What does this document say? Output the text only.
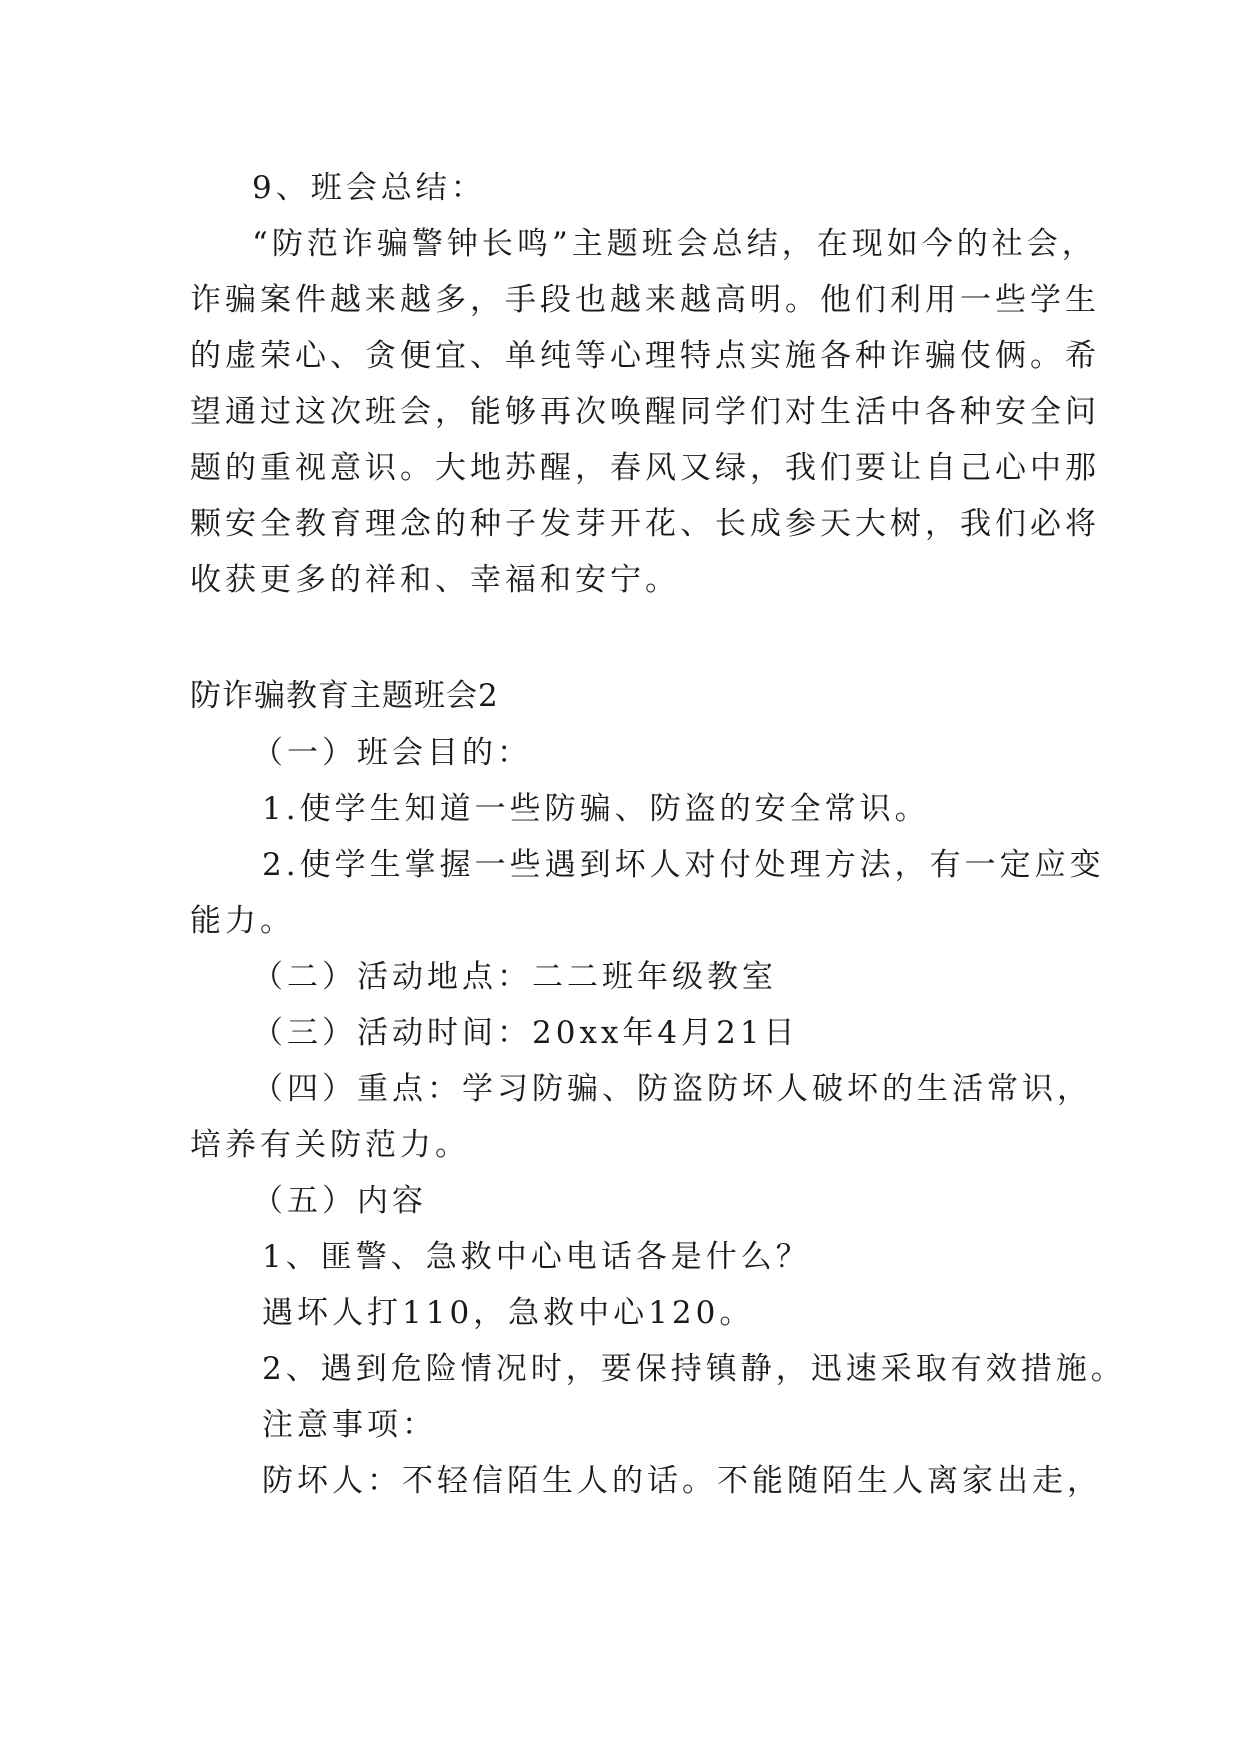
9、班会总结：
“防范诈骗警钟长鸣”主题班会总结，在现如今的社会，
诈骗案件越来越多，手段也越来越高明。他们利用一些学生
的虚荣心、贪便宜、单纯等心理特点实施各种诈骗伎俩。希
望通过这次班会，能够再次唤醒同学们对生活中各种安全问
题的重视意识。大地苏醒，春风又绿，我们要让自己心中那
颗安全教育理念的种子发芽开花、长成参天大树，我们必将
收获更多的祥和、幸福和安宁。
防诈骗教育主题班会2
（一）班会目的：
1.使学生知道一些防骗、防盗的安全常识。
2.使学生掌握一些遇到坏人对付处理方法，有一定应变
能力。
（二）活动地点：二二班年级教室
（三）活动时间：20xx年4月21日
（四）重点：学习防骗、防盗防坏人破坏的生活常识，
培养有关防范力。
（五）内容
1、匪警、急救中心电话各是什么？
遇坏人打110，急救中心120。
2、遇到危险情况时，要保持镇静，迅速采取有效措施。
注意事项：
防坏人：不轻信陌生人的话。不能随陌生人离家出走，
